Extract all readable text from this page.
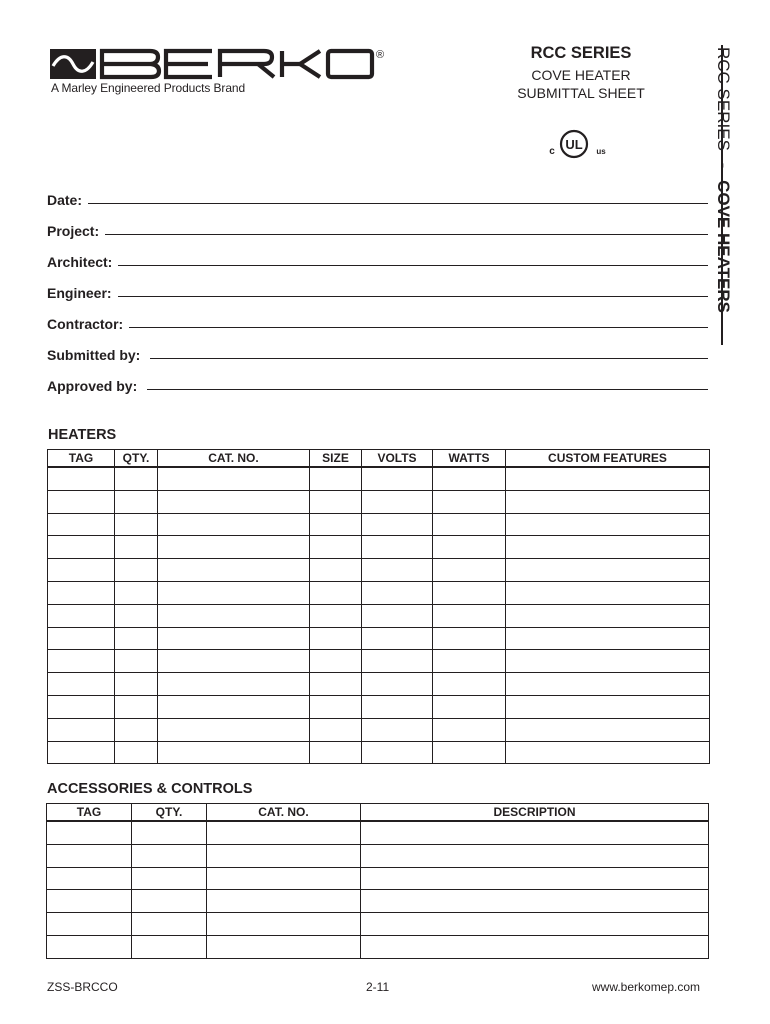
®
A Marley Engineered Products Brand
RCC SERIES
COVE HEATER
SUBMITTAL SHEET
UL
c	us
RCC SERIES - COVE HEATERS
Date:
Project:
Architect:
Engineer:
Contractor:
Submitted by:
Approved by:
HEATERS
TAG	QTY.	CAT. NO.	SIZE	VOLTS	WATTS	CUSTOM FEATURES

ACCESSORIES & CONTROLS
TAG	QTY.	CAT. NO.	DESCRIPTION

ZSS-BRCCO	2-11	www.berkomep.com
